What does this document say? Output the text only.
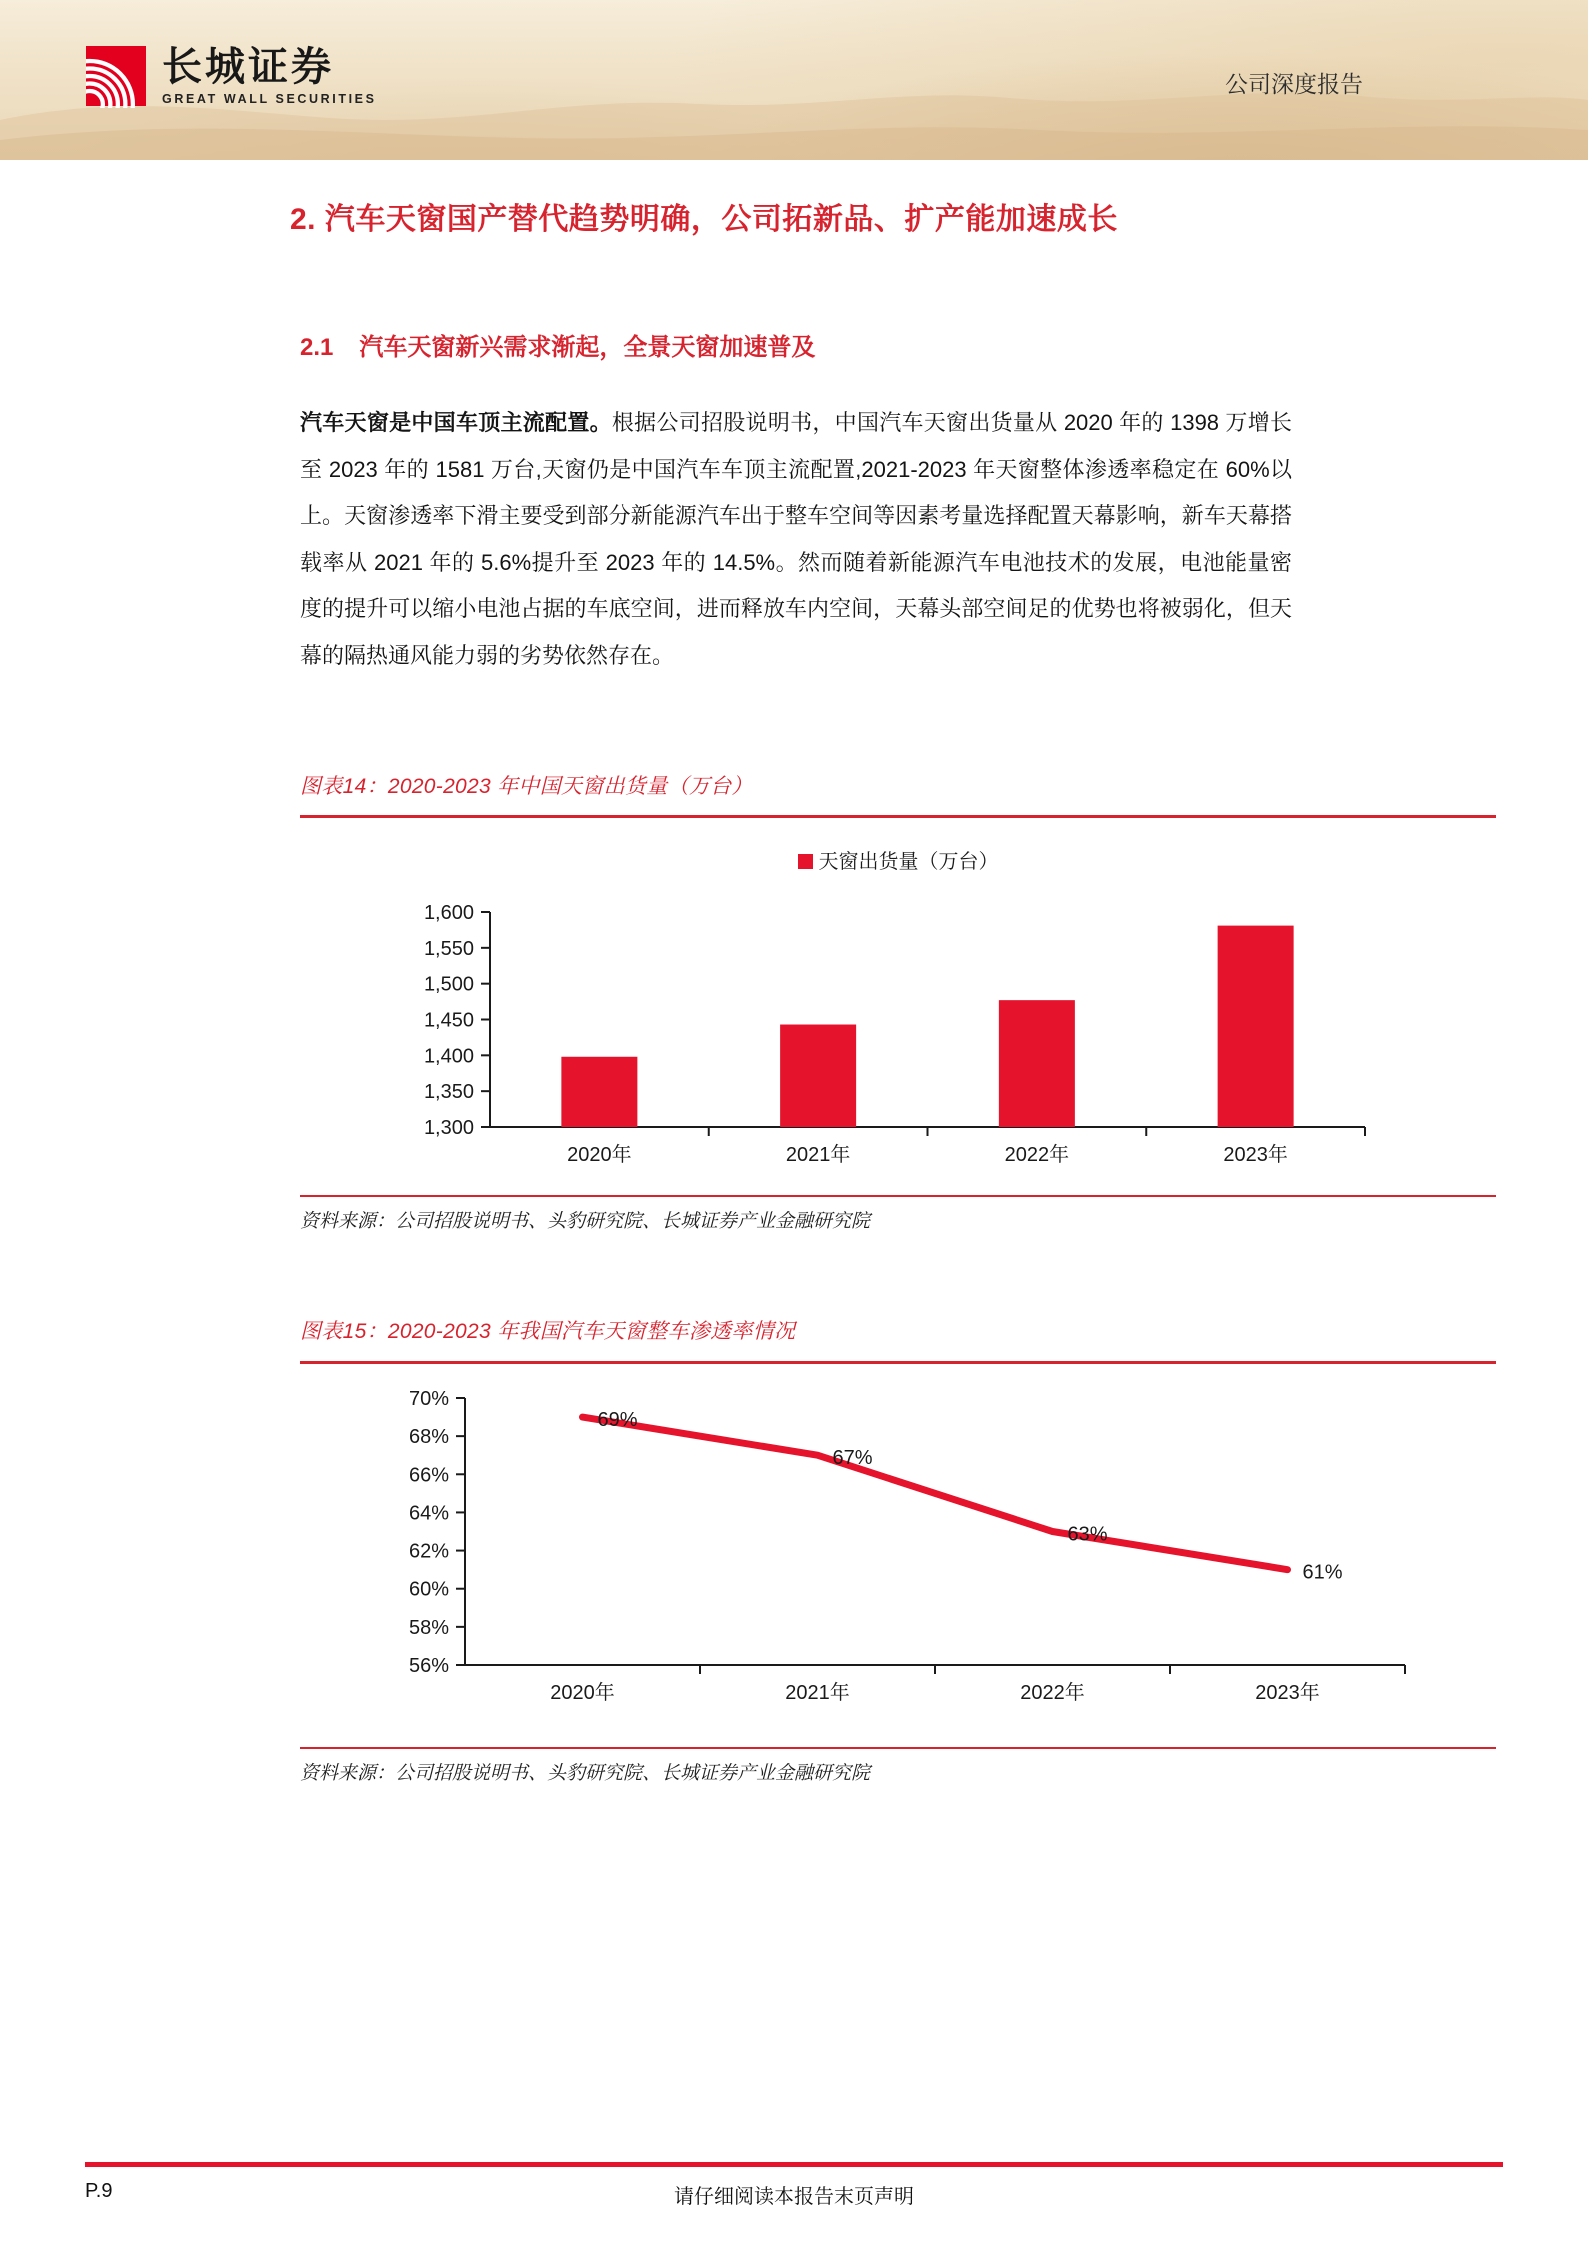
长城证券
GREAT WALL SECURITIES
公司深度报告
2. 汽车天窗国产替代趋势明确，公司拓新品、扩产能加速成长
2.1 汽车天窗新兴需求渐起，全景天窗加速普及
汽车天窗是中国车顶主流配置。根据公司招股说明书，中国汽车天窗出货量从 2020 年的 1398 万增长至 2023 年的 1581 万台,天窗仍是中国汽车车顶主流配置,2021-2023 年天窗整体渗透率稳定在 60%以上。天窗渗透率下滑主要受到部分新能源汽车出于整车空间等因素考量选择配置天幕影响，新车天幕搭载率从 2021 年的 5.6%提升至 2023 年的 14.5%。然而随着新能源汽车电池技术的发展，电池能量密度的提升可以缩小电池占据的车底空间，进而释放车内空间，天幕头部空间足的优势也将被弱化，但天幕的隔热通风能力弱的劣势依然存在。
图表14：2020-2023 年中国天窗出货量（万台）
天窗出货量（万台）
1,300
1,350
1,400
1,450
1,500
1,550
1,600
2020年	2021年	2022年	2023年
资料来源：公司招股说明书、头豹研究院、长城证券产业金融研究院
图表15：2020-2023 年我国汽车天窗整车渗透率情况
56%
58%
60%
62%
64%
66%
68%
70%
2020年	2021年	2022年	2023年
69%
67%
63%
61%
资料来源：公司招股说明书、头豹研究院、长城证券产业金融研究院
P.9	请仔细阅读本报告末页声明
